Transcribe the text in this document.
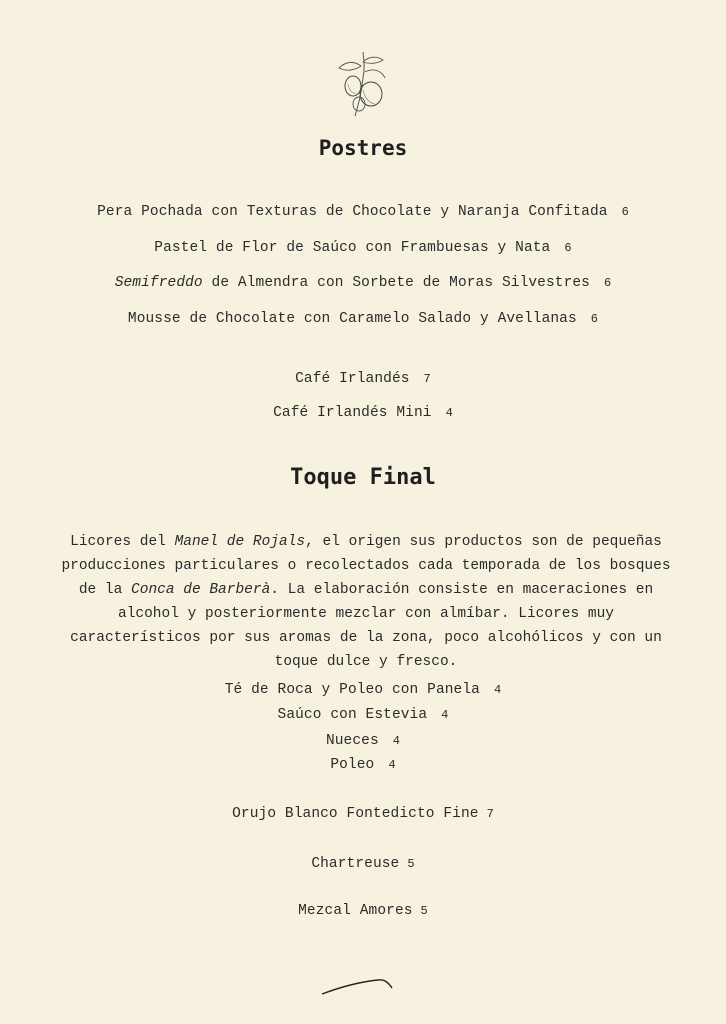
Postres
Pera Pochada con Texturas de Chocolate y Naranja Confitada 6
Pastel de Flor de Saúco con Frambuesas y Nata 6
Semifreddo de Almendra con Sorbete de Moras Silvestres 6
Mousse de Chocolate con Caramelo Salado y Avellanas 6
Café Irlandés 7
Café Irlandés Mini 4
Toque Final
Licores del Manel de Rojals, el origen sus productos son de pequeñas producciones particulares o recolectados cada temporada de los bosques de la Conca de Barberà. La elaboración consiste en maceraciones en alcohol y posteriormente mezclar con almíbar. Licores muy característicos por sus aromas de la zona, poco alcohólicos y con un toque dulce y fresco.
Té de Roca y Poleo con Panela 4
Saúco con Estevia 4
Nueces 4
Poleo 4
Orujo Blanco Fontedicto Fine 7
Chartreuse 5
Mezcal Amores 5
